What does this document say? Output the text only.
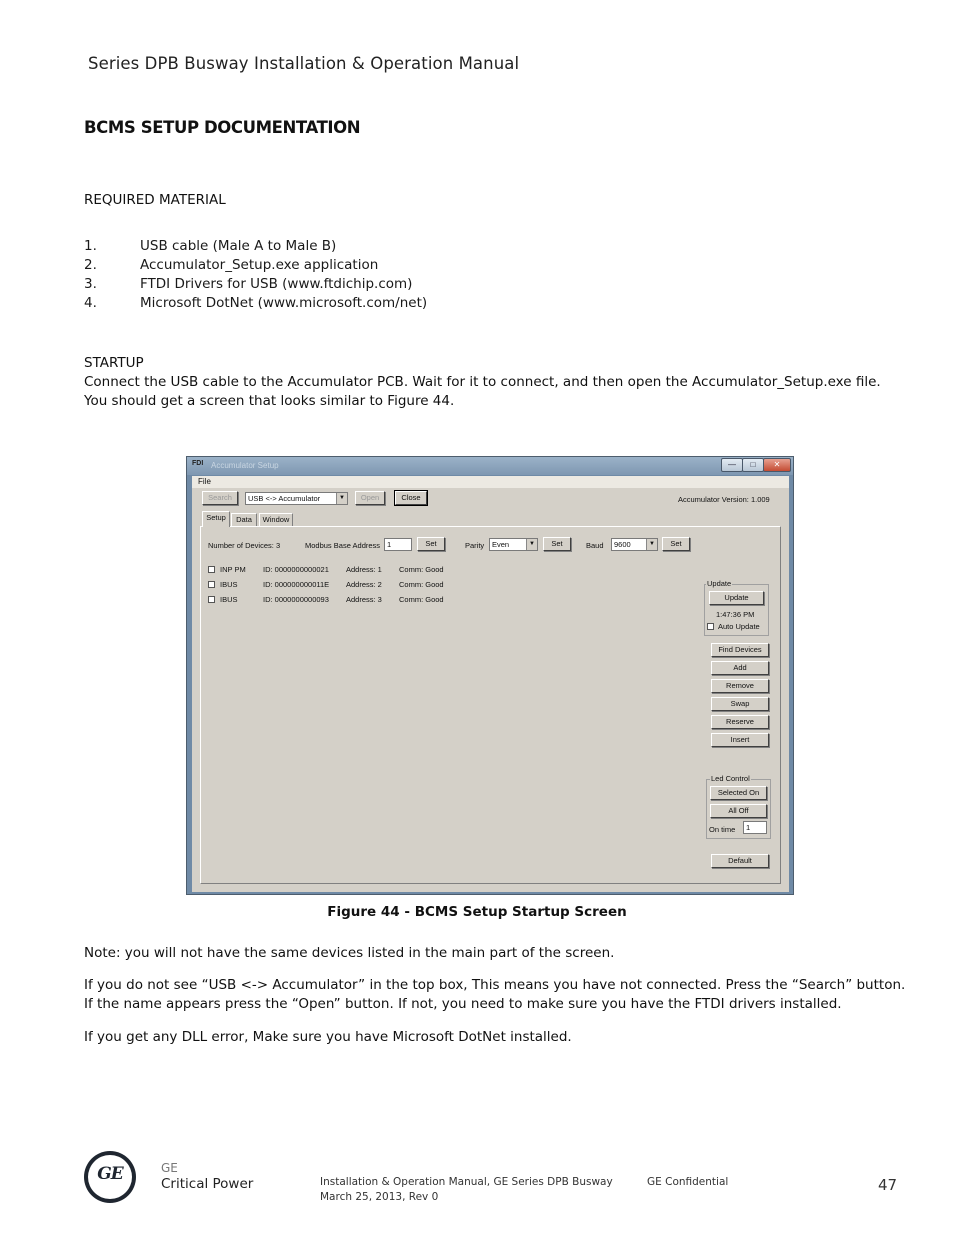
Series DPB Busway Installation & Operation Manual
BCMS SETUP DOCUMENTATION
REQUIRED MATERIAL
1.	USB cable (Male A to Male B)
2.	Accumulator_Setup.exe application
3.	FTDI Drivers for USB (www.ftdichip.com)
4.	Microsoft DotNet (www.microsoft.com/net)
STARTUP
Connect the USB cable to the Accumulator PCB. Wait for it to connect, and then open the Accumulator_Setup.exe file.
You should get a screen that looks similar to Figure 44.
FDI Accumulator Setup	—	□	✕
File
Search	USB <-> Accumulator	▼	Open	Close	Accumulator Version: 1.009
Setup	Data	Window
Number of Devices: 3	Modbus Base Address 1	Set	Parity	Even	▼	Set	Baud	9600	▼	Set
INP PM ID: 0000000000021 Address: 1 Comm: Good
IBUS	ID: 000000000011E Address: 2 Comm: Good
IBUS	ID: 0000000000093 Address: 3 Comm: Good
Update
Update
1:47:36 PM
Auto Update
Find Devices
Add
Remove
Swap
Reserve
Insert
Led Control
Selected On
All Off
On time	1
Default
Figure 44 - BCMS Setup Startup Screen
Note: you will not have the same devices listed in the main part of the screen.
If you do not see “USB <-> Accumulator” in the top box, This means you have not connected. Press the “Search” button.
If the name appears press the “Open” button. If not, you need to make sure you have the FTDI drivers installed.
If you get any DLL error, Make sure you have Microsoft DotNet installed.
GE	GE
Critical Power	Installation & Operation Manual, GE Series DPB Busway
March 25, 2013, Rev 0
GE Confidential	47
